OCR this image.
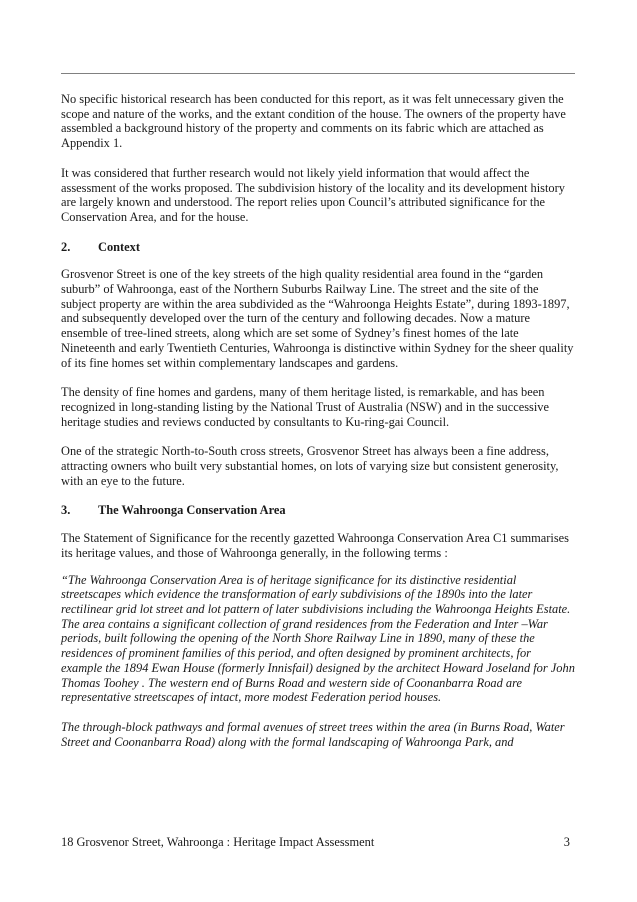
No specific historical research has been conducted for this report, as it was felt unnecessary given the scope and nature of the works, and the extant condition of the house. The owners of the property have assembled a background history of the property and comments on its fabric which are attached as Appendix 1.

It was considered that further research would not likely yield information that would affect the assessment of the works proposed. The subdivision history of the locality and its development history are largely known and understood. The report relies upon Council’s attributed significance for the Conservation Area, and for the house.

2. Context

Grosvenor Street is one of the key streets of the high quality residential area found in the “garden suburb” of Wahroonga, east of the Northern Suburbs Railway Line. The street and the site of the subject property are within the area subdivided as the “Wahroonga Heights Estate”, during 1893-1897, and subsequently developed over the turn of the century and following decades. Now a mature ensemble of tree-lined streets, along which are set some of Sydney’s finest homes of the late Nineteenth and early Twentieth Centuries, Wahroonga is distinctive within Sydney for the sheer quality of its fine homes set within complementary landscapes and gardens.

The density of fine homes and gardens, many of them heritage listed, is remarkable, and has been recognized in long-standing listing by the National Trust of Australia (NSW) and in the successive heritage studies and reviews conducted by consultants to Ku-ring-gai Council.

One of the strategic North-to-South cross streets, Grosvenor Street has always been a fine address, attracting owners who built very substantial homes, on lots of varying size but consistent generosity, with an eye to the future.

3. The Wahroonga Conservation Area

The Statement of Significance for the recently gazetted Wahroonga Conservation Area C1 summarises its heritage values, and those of Wahroonga generally, in the following terms :

“The Wahroonga Conservation Area is of heritage significance for its distinctive residential streetscapes which evidence the transformation of early subdivisions of the 1890s into the later rectilinear grid lot street and lot pattern of later subdivisions including the Wahroonga Heights Estate. The area contains a significant collection of grand residences from the Federation and Inter –War periods, built following the opening of the North Shore Railway Line in 1890, many of these the residences of prominent families of this period, and often designed by prominent architects, for example the 1894 Ewan House (formerly Innisfail) designed by the architect Howard Joseland for John Thomas Toohey . The western end of Burns Road and western side of Coonanbarra Road are representative streetscapes of intact, more modest Federation period houses.

The through-block pathways and formal avenues of street trees within the area (in Burns Road, Water Street and Coonanbarra Road) along with the formal landscaping of Wahroonga Park, and

18 Grosvenor Street, Wahroonga : Heritage Impact Assessment	3
